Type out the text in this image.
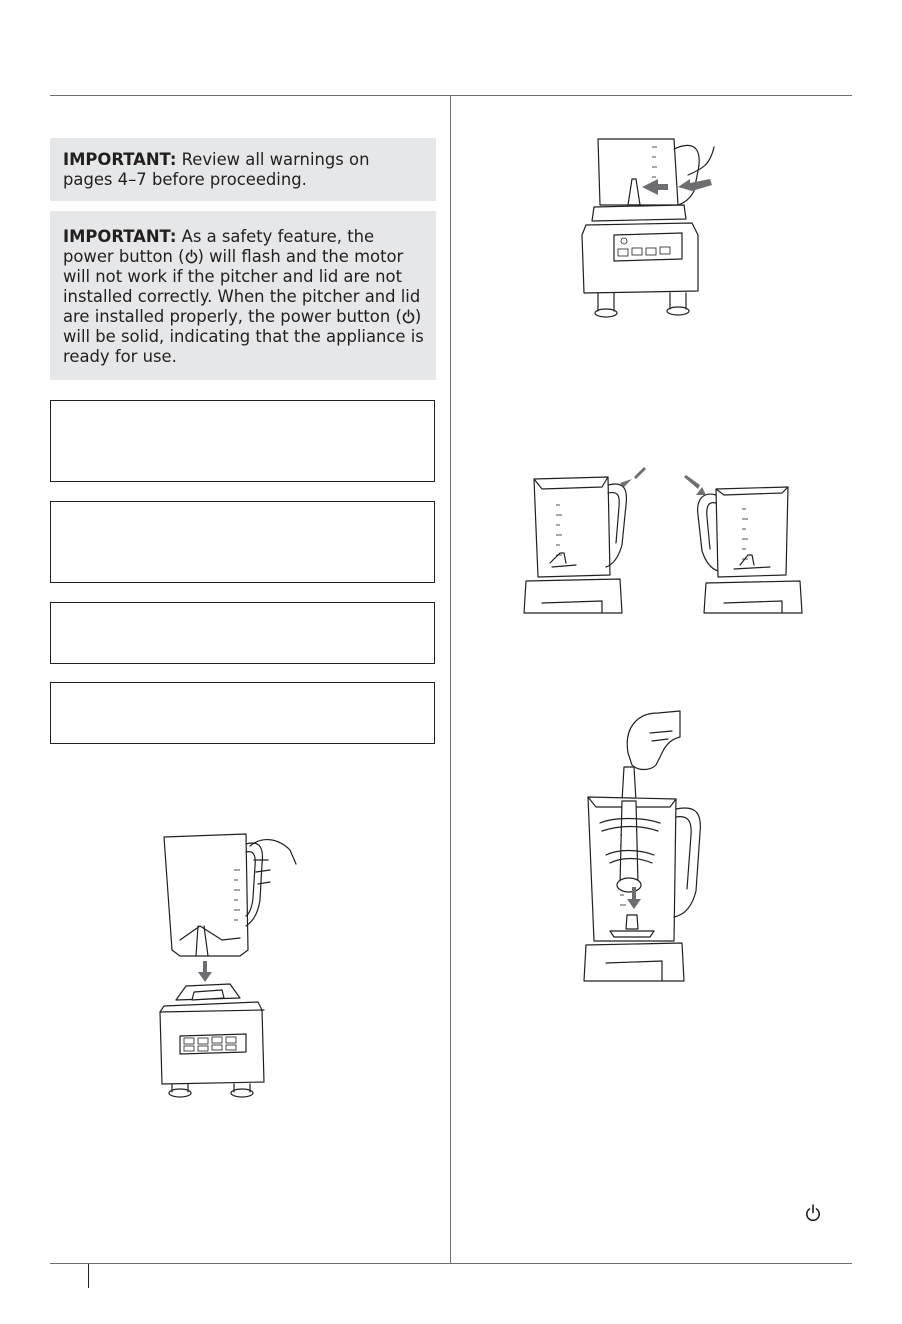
IMPORTANT: Review all warnings on pages 4–7 before proceeding.
IMPORTANT: As a safety feature, the power button ( ) will flash and the motor will not work if the pitcher and lid are not installed correctly. When the pitcher and lid are installed properly, the power button ( ) will be solid, indicating that the appliance is ready for use.
